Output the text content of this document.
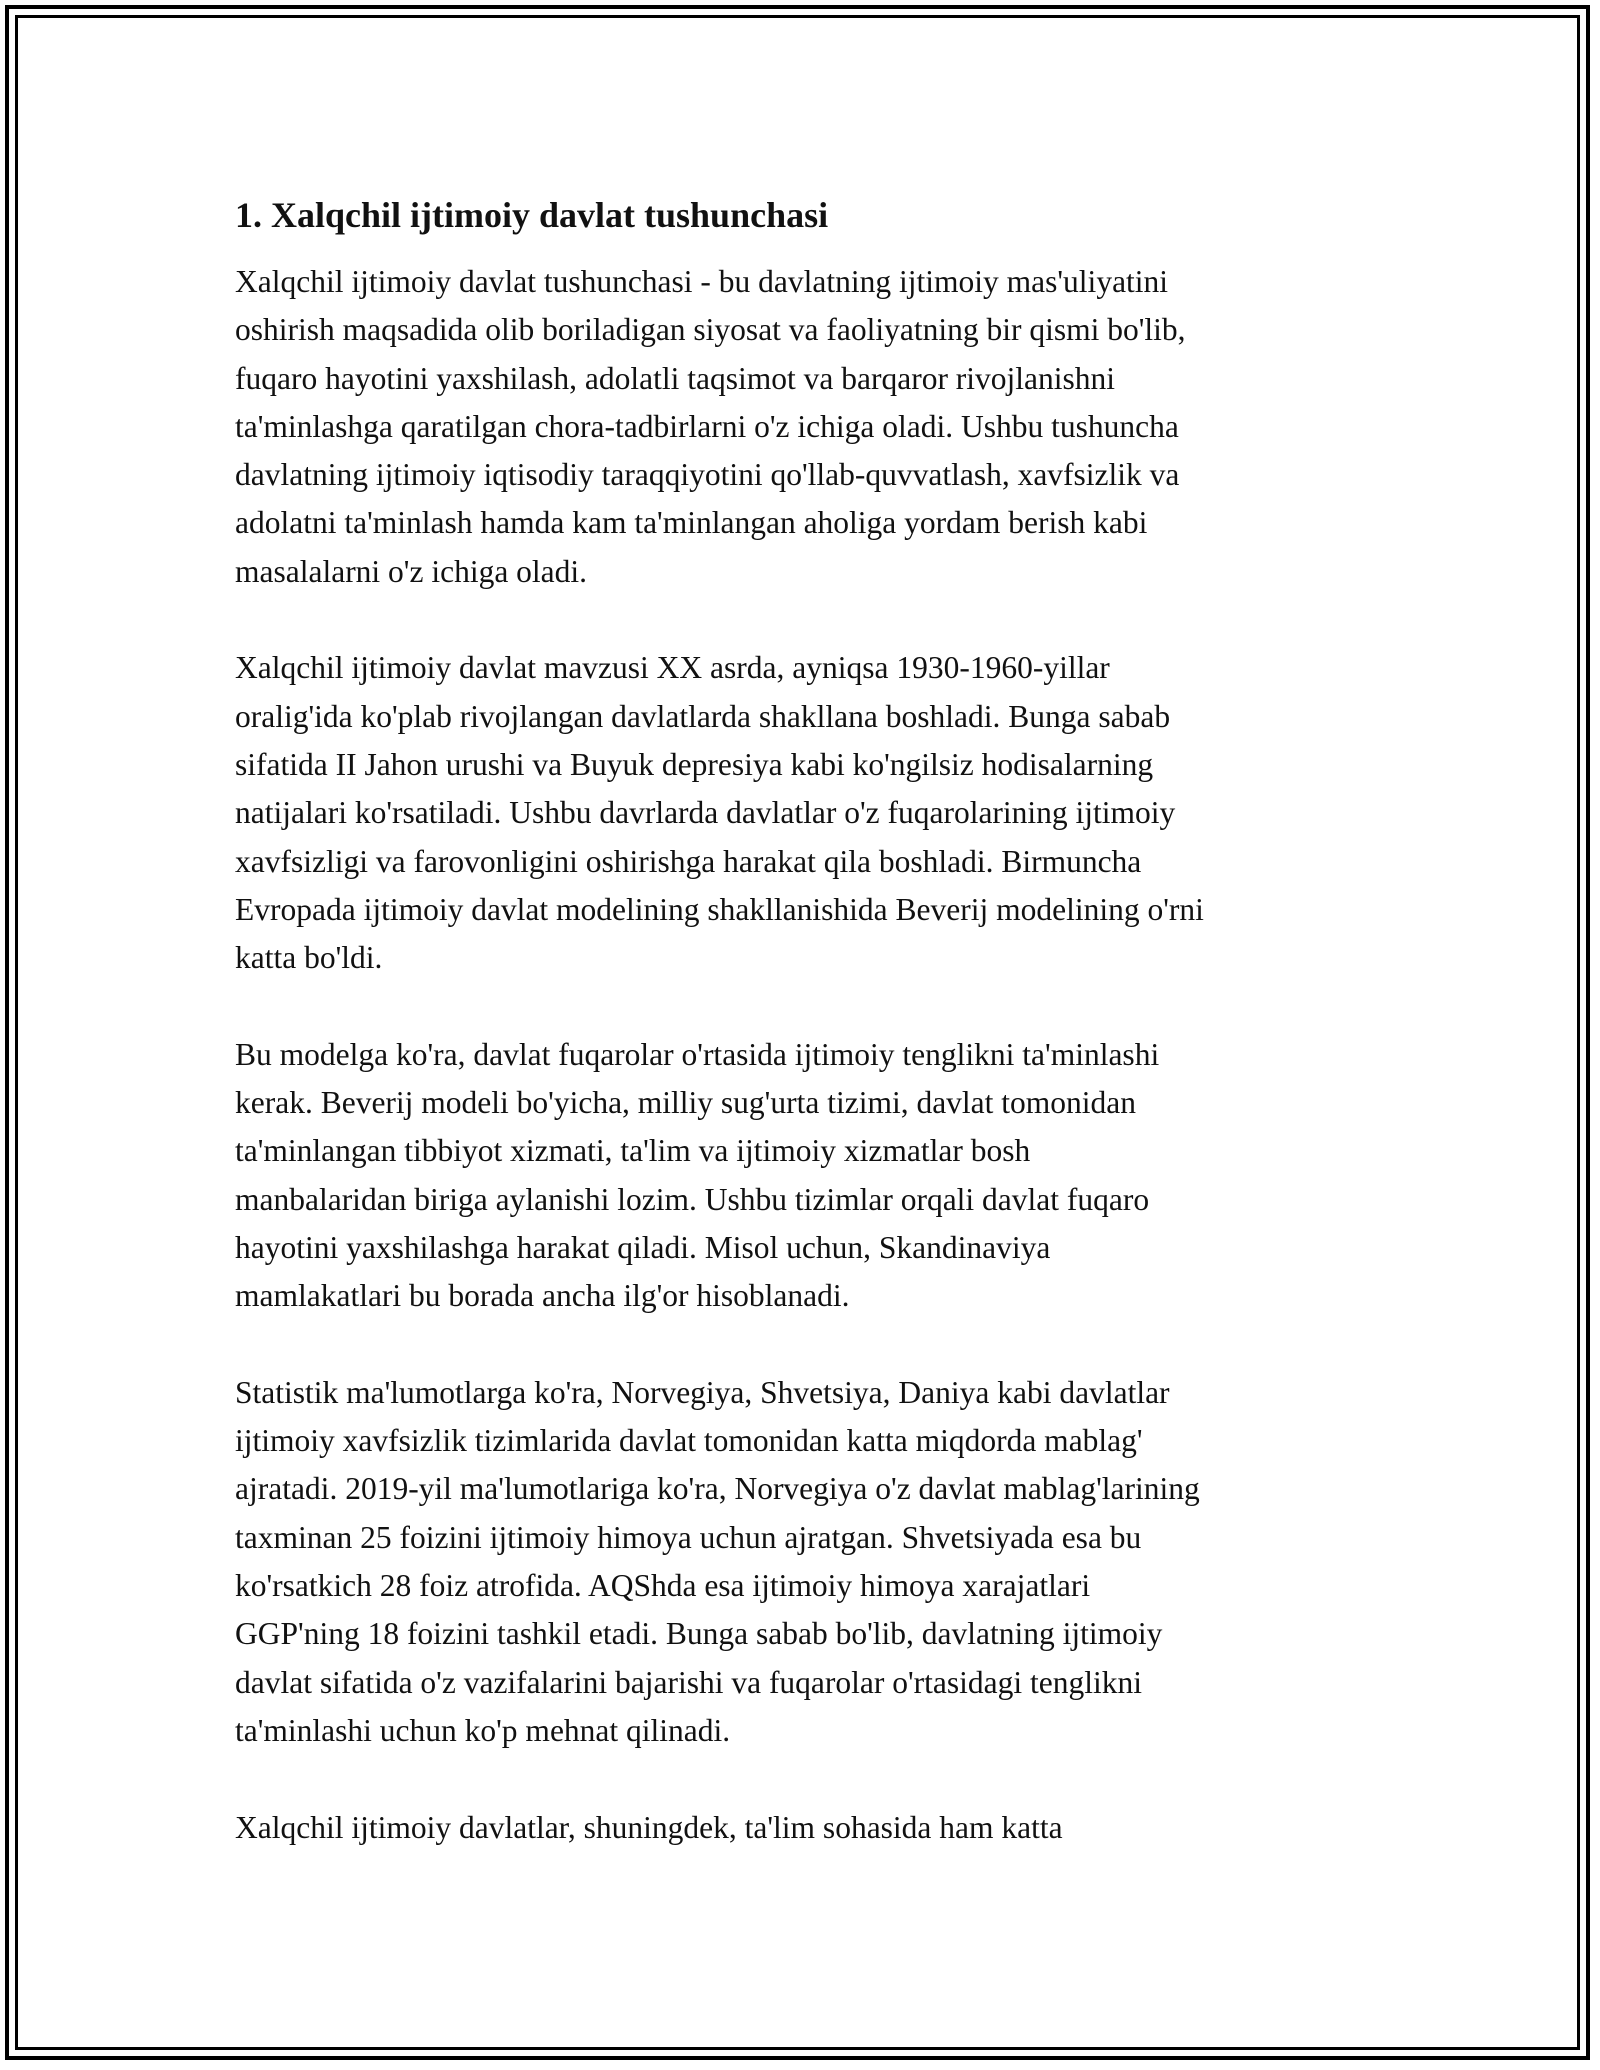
1. Xalqchil ijtimoiy davlat tushunchasi

Xalqchil ijtimoiy davlat tushunchasi - bu davlatning ijtimoiy mas'uliyatini
oshirish maqsadida olib boriladigan siyosat va faoliyatning bir qismi bo'lib,
fuqaro hayotini yaxshilash, adolatli taqsimot va barqaror rivojlanishni
ta'minlashga qaratilgan chora-tadbirlarni o'z ichiga oladi. Ushbu tushuncha
davlatning ijtimoiy iqtisodiy taraqqiyotini qo'llab-quvvatlash, xavfsizlik va
adolatni ta'minlash hamda kam ta'minlangan aholiga yordam berish kabi
masalalarni o'z ichiga oladi.

Xalqchil ijtimoiy davlat mavzusi XX asrda, ayniqsa 1930-1960-yillar
oralig'ida ko'plab rivojlangan davlatlarda shakllana boshladi. Bunga sabab
sifatida II Jahon urushi va Buyuk depresiya kabi ko'ngilsiz hodisalarning
natijalari ko'rsatiladi. Ushbu davrlarda davlatlar o'z fuqarolarining ijtimoiy
xavfsizligi va farovonligini oshirishga harakat qila boshladi. Birmuncha
Evropada ijtimoiy davlat modelining shakllanishida Beverij modelining o'rni
katta bo'ldi.

Bu modelga ko'ra, davlat fuqarolar o'rtasida ijtimoiy tenglikni ta'minlashi
kerak. Beverij modeli bo'yicha, milliy sug'urta tizimi, davlat tomonidan
ta'minlangan tibbiyot xizmati, ta'lim va ijtimoiy xizmatlar bosh
manbalaridan biriga aylanishi lozim. Ushbu tizimlar orqali davlat fuqaro
hayotini yaxshilashga harakat qiladi. Misol uchun, Skandinaviya
mamlakatlari bu borada ancha ilg'or hisoblanadi.

Statistik ma'lumotlarga ko'ra, Norvegiya, Shvetsiya, Daniya kabi davlatlar
ijtimoiy xavfsizlik tizimlarida davlat tomonidan katta miqdorda mablag'
ajratadi. 2019-yil ma'lumotlariga ko'ra, Norvegiya o'z davlat mablag'larining
taxminan 25 foizini ijtimoiy himoya uchun ajratgan. Shvetsiyada esa bu
ko'rsatkich 28 foiz atrofida. AQShda esa ijtimoiy himoya xarajatlari
GGP'ning 18 foizini tashkil etadi. Bunga sabab bo'lib, davlatning ijtimoiy
davlat sifatida o'z vazifalarini bajarishi va fuqarolar o'rtasidagi tenglikni
ta'minlashi uchun ko'p mehnat qilinadi.

Xalqchil ijtimoiy davlatlar, shuningdek, ta'lim sohasida ham katta
